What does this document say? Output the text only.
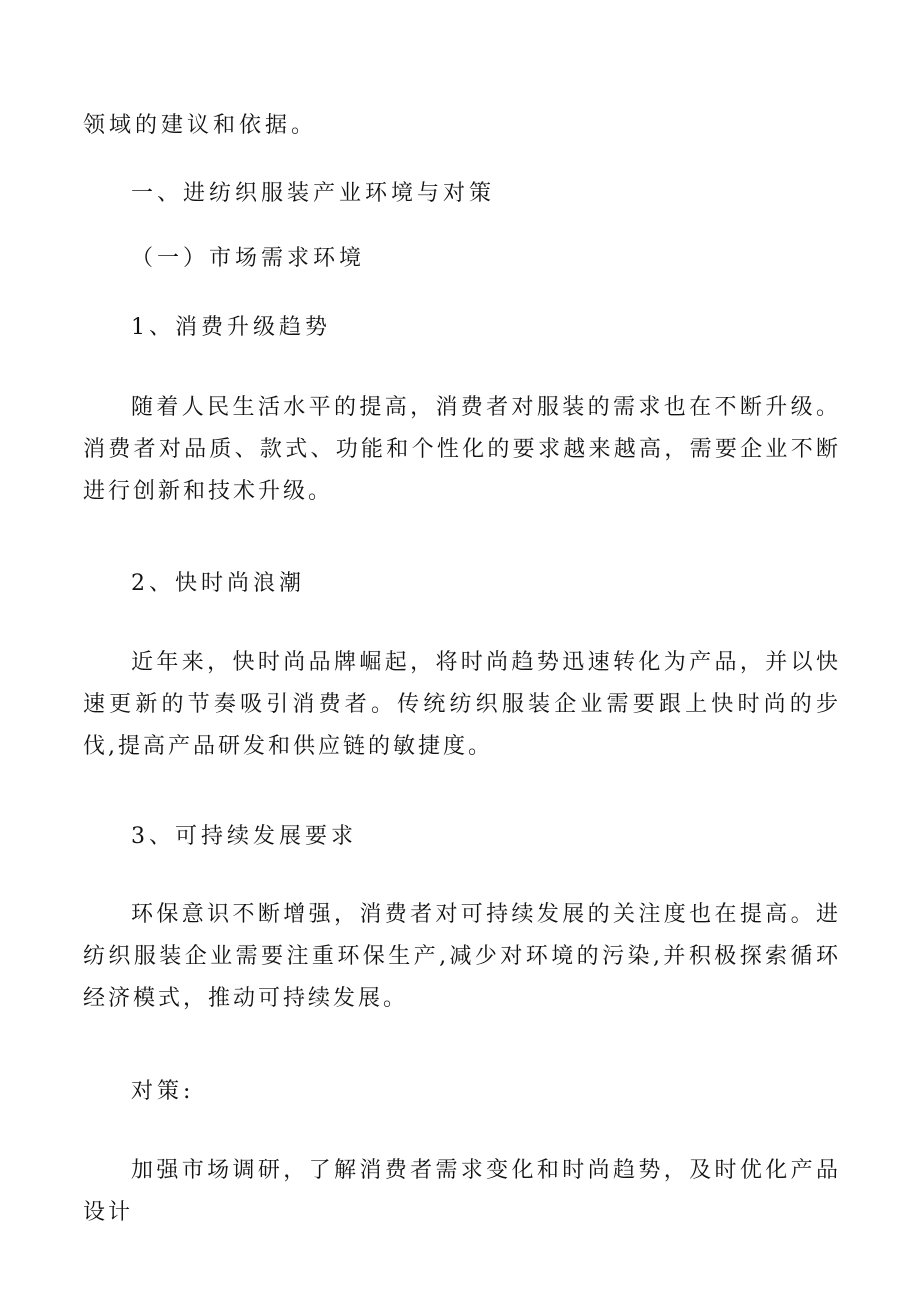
领域的建议和依据。
一、进纺织服装产业环境与对策
（一）市场需求环境
1、消费升级趋势
随着人民生活水平的提高，消费者对服装的需求也在不断升级。消费者对品质、款式、功能和个性化的要求越来越高，需要企业不断进行创新和技术升级。
2、快时尚浪潮
近年来，快时尚品牌崛起，将时尚趋势迅速转化为产品，并以快速更新的节奏吸引消费者。传统纺织服装企业需要跟上快时尚的步伐,提高产品研发和供应链的敏捷度。
3、可持续发展要求
环保意识不断增强，消费者对可持续发展的关注度也在提高。进纺织服装企业需要注重环保生产,减少对环境的污染,并积极探索循环经济模式，推动可持续发展。
对策:
加强市场调研，了解消费者需求变化和时尚趋势，及时优化产品设计
